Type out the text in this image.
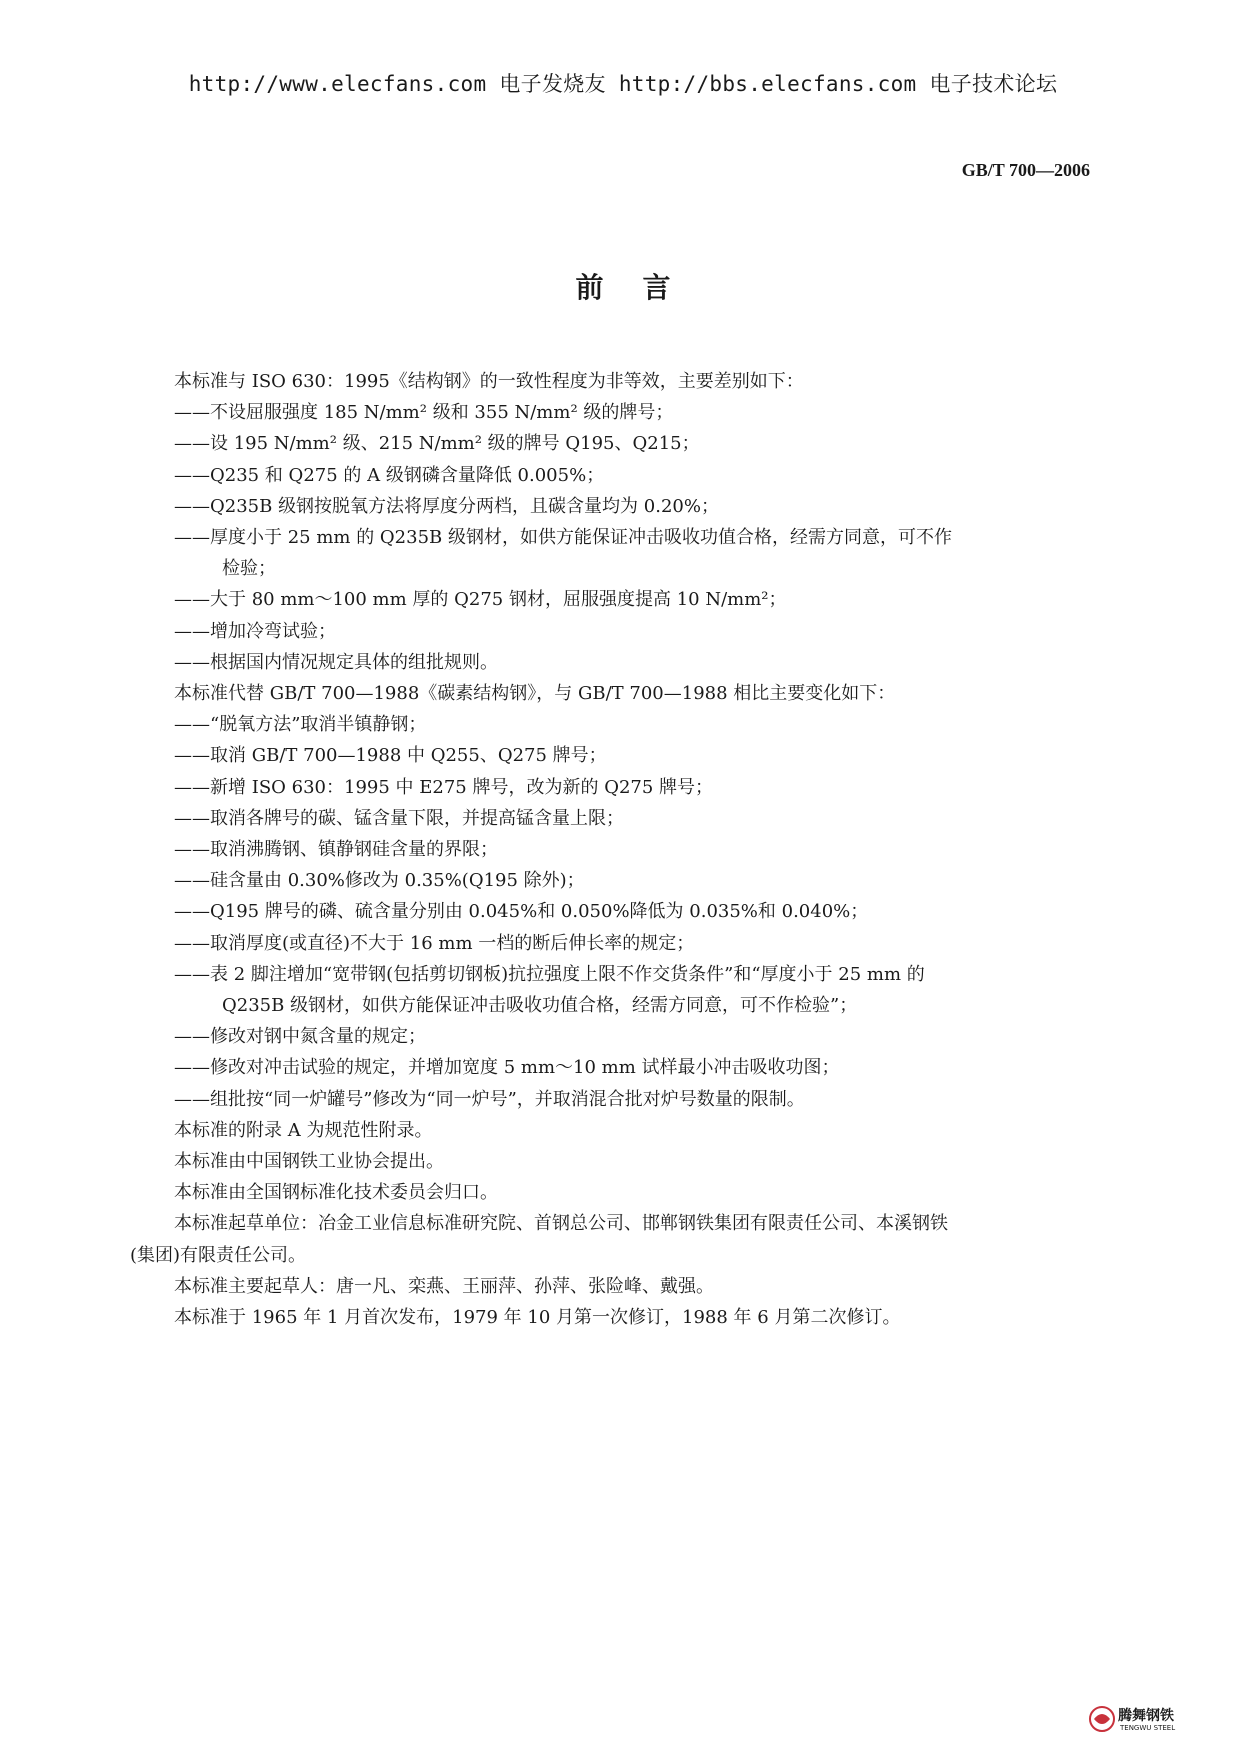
http://www.elecfans.com 电子发烧友 http://bbs.elecfans.com 电子技术论坛
GB/T 700—2006
前    言
本标准与 ISO 630：1995《结构钢》的一致性程度为非等效，主要差别如下：
——不设屈服强度 185 N/mm² 级和 355 N/mm² 级的牌号；
——设 195 N/mm² 级、215 N/mm² 级的牌号 Q195、Q215；
——Q235 和 Q275 的 A 级钢磷含量降低 0.005%；
——Q235B 级钢按脱氧方法将厚度分两档，且碳含量均为 0.20%；
——厚度小于 25 mm 的 Q235B 级钢材，如供方能保证冲击吸收功值合格，经需方同意，可不作
检验；
——大于 80 mm～100 mm 厚的 Q275 钢材，屈服强度提高 10 N/mm²；
——增加冷弯试验；
——根据国内情况规定具体的组批规则。
本标准代替 GB/T 700—1988《碳素结构钢》，与 GB/T 700—1988 相比主要变化如下：
——“脱氧方法”取消半镇静钢；
——取消 GB/T 700—1988 中 Q255、Q275 牌号；
——新增 ISO 630：1995 中 E275 牌号，改为新的 Q275 牌号；
——取消各牌号的碳、锰含量下限，并提高锰含量上限；
——取消沸腾钢、镇静钢硅含量的界限；
——硅含量由 0.30%修改为 0.35%(Q195 除外)；
——Q195 牌号的磷、硫含量分别由 0.045%和 0.050%降低为 0.035%和 0.040%；
——取消厚度(或直径)不大于 16 mm 一档的断后伸长率的规定；
——表 2 脚注增加“宽带钢(包括剪切钢板)抗拉强度上限不作交货条件”和“厚度小于 25 mm 的
Q235B 级钢材，如供方能保证冲击吸收功值合格，经需方同意，可不作检验”；
——修改对钢中氮含量的规定；
——修改对冲击试验的规定，并增加宽度 5 mm～10 mm 试样最小冲击吸收功图；
——组批按“同一炉罐号”修改为“同一炉号”，并取消混合批对炉号数量的限制。
本标准的附录 A 为规范性附录。
本标准由中国钢铁工业协会提出。
本标准由全国钢标准化技术委员会归口。
本标准起草单位：冶金工业信息标准研究院、首钢总公司、邯郸钢铁集团有限责任公司、本溪钢铁
(集团)有限责任公司。
本标准主要起草人：唐一凡、栾燕、王丽萍、孙萍、张险峰、戴强。
本标准于 1965 年 1 月首次发布，1979 年 10 月第一次修订，1988 年 6 月第二次修订。
腾舞钢铁
TENGWU STEEL
